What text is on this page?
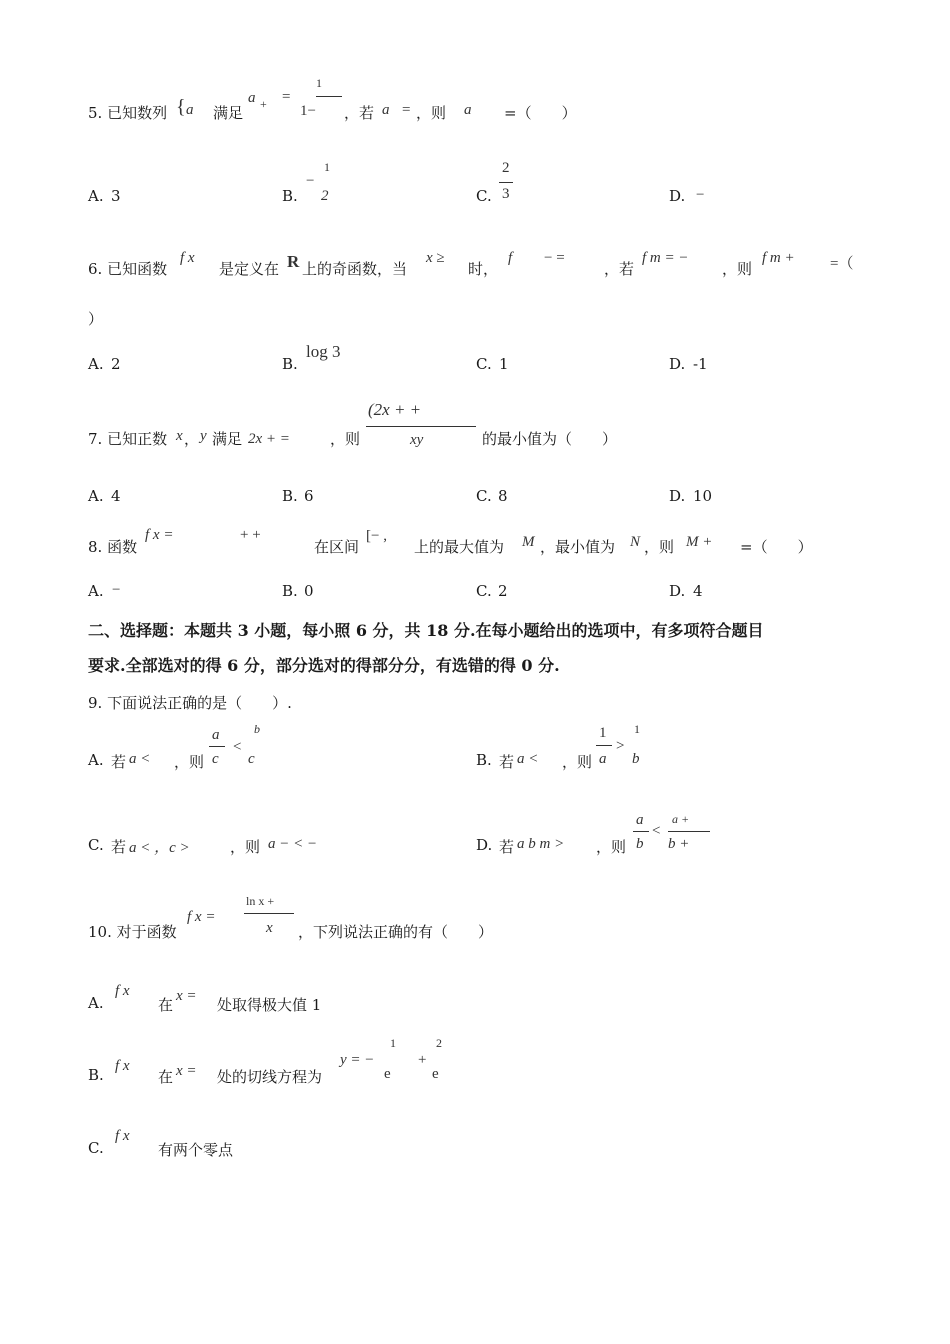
5. 已知数列 { a 满足
a + =
1
1− ，若 a = ，则 a =（　　）
A. 3	B.
−
1
2	C.
2
3	D. −
6. 已知函数
f x
是定义在 R 上的奇函数，当
x ≥
时，
f − =
，若
f m = −
，则
f m + =（
）
A. 2	B.
log 3
C. 1	D. -1
7. 已知正数 x ， y 满足 2x + =	，则
(2x + +
xy	的最小值为（　　）
A. 4	B. 6	C. 8	D. 10
8. 函数
f x =	+ +
在区间
[− ,
上的最大值为 M ，最小值为 N ，则 M + =（　　）
A. −	B. 0	C. 2	D. 4
二、选择题：本题共 3 小题，每小照 6 分，共 18 分.在每小题给出的选项中，有多项符合题目
要求.全部选对的得 6 分，部分选对的得部分分，有选错的得 0 分.
9. 下面说法正确的是（　　）.
A. 若 a < ，则
a
c
<
b
c	B. 若 a < ，则
1
a
>
1
b
C. 若 a < ，c >	，则 a − < −	D. 若 a b m > ，则
a
b
<
a +
b +
10. 对于函数
f x =
ln x +
x ，下列说法正确的有（　　）
A.
f x
在 x = 处取得极大值 1
B. f x
在 x = 处的切线方程为
y = −
1
e
+
2
e
C.
f x
有两个零点
